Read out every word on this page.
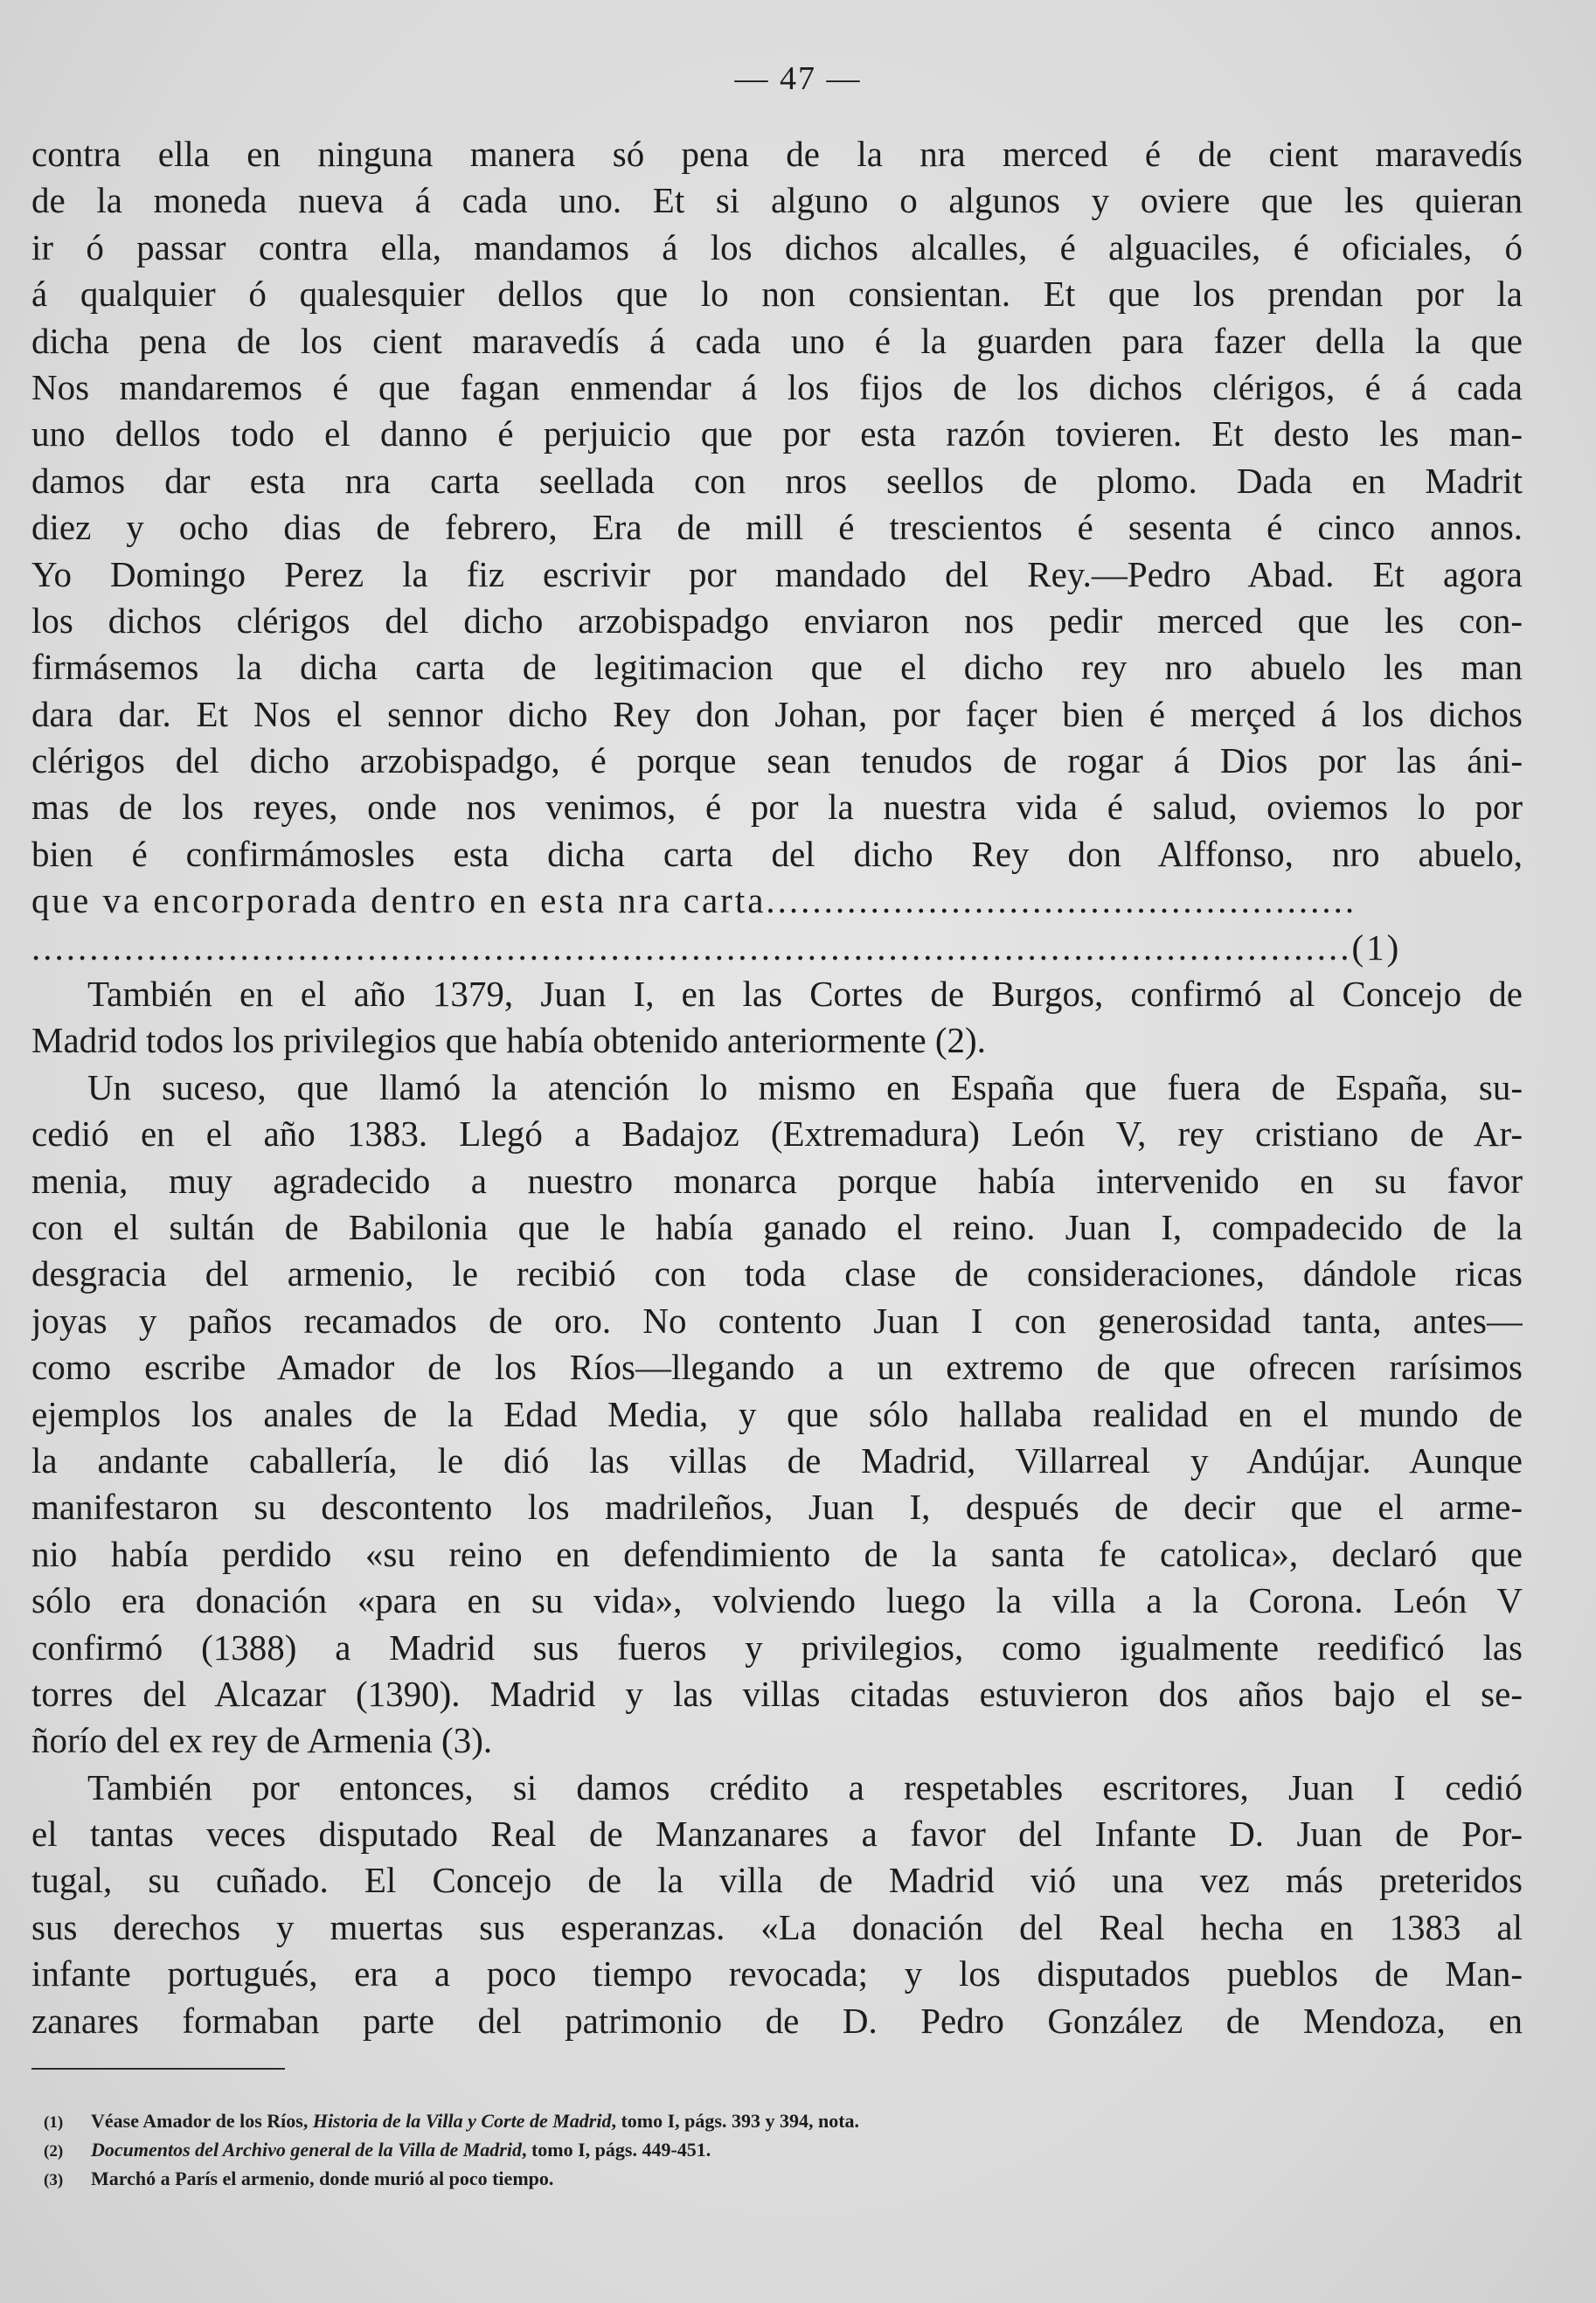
— 47 —
contra ella en ninguna manera só pena de la nra merced é de cient maravedís
de la moneda nueva á cada uno. Et si alguno o algunos y oviere que les quieran
ir ó passar contra ella, mandamos á los dichos alcalles, é alguaciles, é oficiales, ó
á qualquier ó qualesquier dellos que lo non consientan. Et que los prendan por la
dicha pena de los cient maravedís á cada uno é la guarden para fazer della la que
Nos mandaremos é que fagan enmendar á los fijos de los dichos clérigos, é á cada
uno dellos todo el danno é perjuicio que por esta razón tovieren. Et desto les man-
damos dar esta nra carta seellada con nros seellos de plomo. Dada en Madrit
diez y ocho dias de febrero, Era de mill é trescientos é sesenta é cinco annos.
Yo Domingo Perez la fiz escrivir por mandado del Rey.—Pedro Abad. Et agora
los dichos clérigos del dicho arzobispadgo enviaron nos pedir merced que les con-
firmásemos la dicha carta de legitimacion que el dicho rey nro abuelo les man
dara dar. Et Nos el sennor dicho Rey don Johan, por façer bien é merçed á los dichos
clérigos del dicho arzobispadgo, é porque sean tenudos de rogar á Dios por las áni-
mas de los reyes, onde nos venimos, é por la nuestra vida é salud, oviemos lo por
bien é confirmámosles esta dicha carta del dicho Rey don Alffonso, nro abuelo,
que va encorporada dentro en esta nra carta...................................................
..................................................................................................................(1)
También en el año 1379, Juan I, en las Cortes de Burgos, confirmó al Concejo de
Madrid todos los privilegios que había obtenido anteriormente (2).
Un suceso, que llamó la atención lo mismo en España que fuera de España, su-
cedió en el año 1383. Llegó a Badajoz (Extremadura) León V, rey cristiano de Ar-
menia, muy agradecido a nuestro monarca porque había intervenido en su favor
con el sultán de Babilonia que le había ganado el reino. Juan I, compadecido de la
desgracia del armenio, le recibió con toda clase de consideraciones, dándole ricas
joyas y paños recamados de oro. No contento Juan I con generosidad tanta, antes—
como escribe Amador de los Ríos—llegando a un extremo de que ofrecen rarísimos
ejemplos los anales de la Edad Media, y que sólo hallaba realidad en el mundo de
la andante caballería, le dió las villas de Madrid, Villarreal y Andújar. Aunque
manifestaron su descontento los madrileños, Juan I, después de decir que el arme-
nio había perdido «su reino en defendimiento de la santa fe catolica», declaró que
sólo era donación «para en su vida», volviendo luego la villa a la Corona. León V
confirmó (1388) a Madrid sus fueros y privilegios, como igualmente reedificó las
torres del Alcazar (1390). Madrid y las villas citadas estuvieron dos años bajo el se-
ñorío del ex rey de Armenia (3).
También por entonces, si damos crédito a respetables escritores, Juan I cedió
el tantas veces disputado Real de Manzanares a favor del Infante D. Juan de Por-
tugal, su cuñado. El Concejo de la villa de Madrid vió una vez más preteridos
sus derechos y muertas sus esperanzas. «La donación del Real hecha en 1383 al
infante portugués, era a poco tiempo revocada; y los disputados pueblos de Man-
zanares formaban parte del patrimonio de D. Pedro González de Mendoza, en
(1) Véase Amador de los Ríos, Historia de la Villa y Corte de Madrid, tomo I, págs. 393 y 394, nota.
(2) Documentos del Archivo general de la Villa de Madrid, tomo I, págs. 449-451.
(3) Marchó a París el armenio, donde murió al poco tiempo.
